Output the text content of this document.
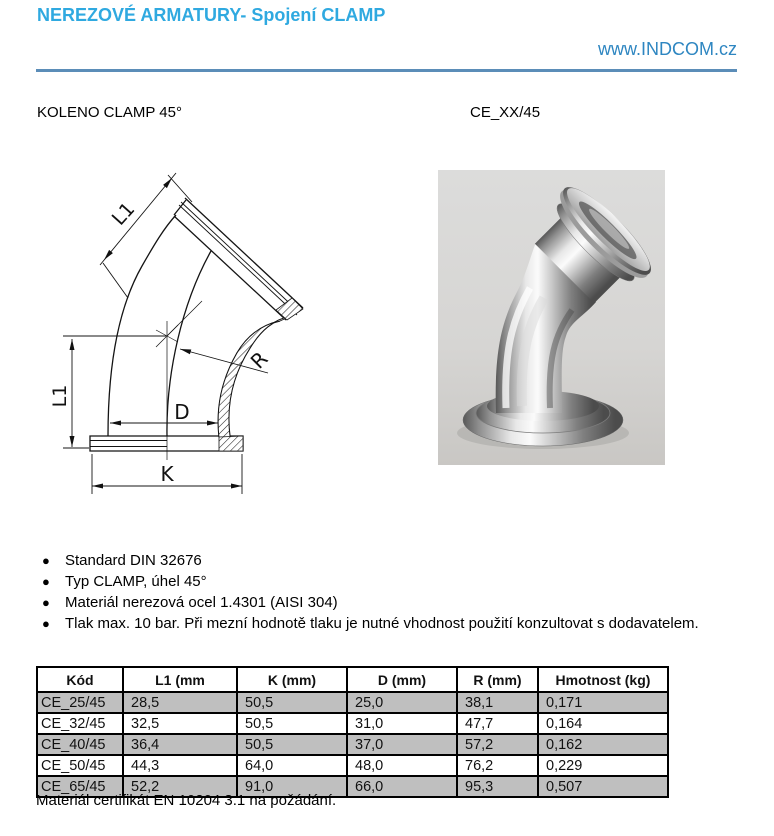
NEREZOVÉ ARMATURY- Spojení CLAMP
www.INDCOM.cz
KOLENO CLAMP 45°	CE_XX/45
L1
L1
D
R
K
●	Standard DIN 32676
●	Typ CLAMP, úhel 45°
●	Materiál nerezová ocel 1.4301 (AISI 304)
●	Tlak max. 10 bar. Při mezní hodnotě tlaku je nutné vhodnost použití konzultovat s dodavatelem.
Kód	L1 (mm	K (mm)	D (mm)	R (mm)	Hmotnost (kg)
CE_25/45	28,5	50,5	25,0	38,1	0,171
CE_32/45	32,5	50,5	31,0	47,7	0,164
CE_40/45	36,4	50,5	37,0	57,2	0,162
CE_50/45	44,3	64,0	48,0	76,2	0,229
CE_65/45	52,2	91,0	66,0	95,3	0,507
Materiál certifikát EN 10204 3.1 na požádání.
